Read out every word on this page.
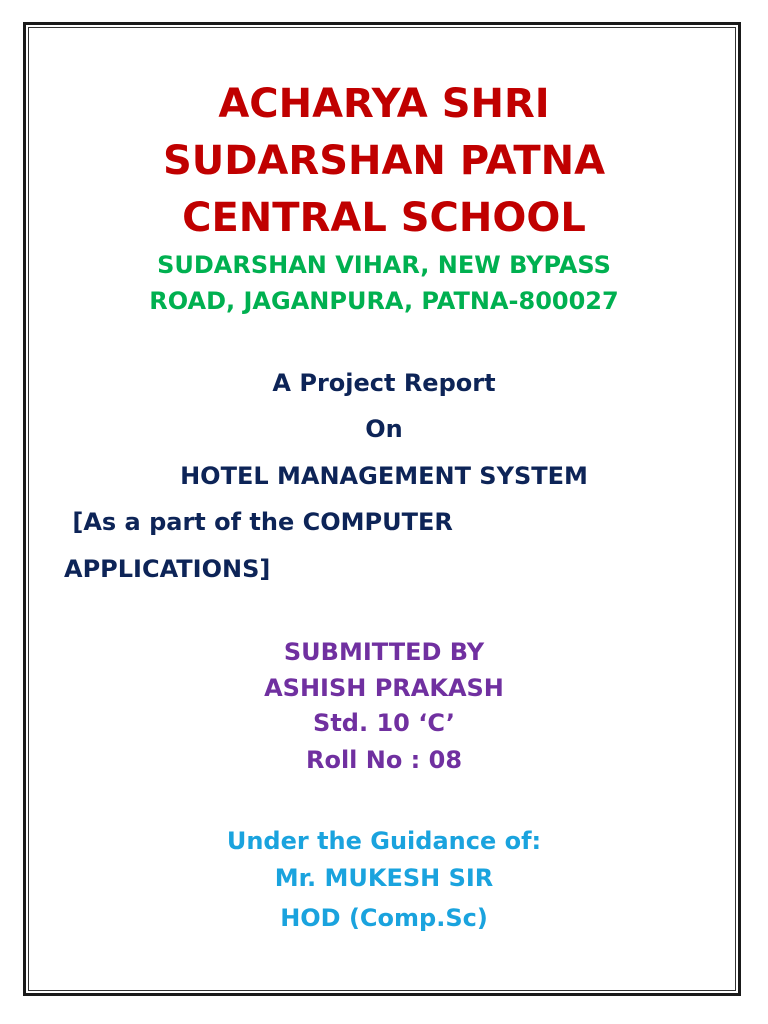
ACHARYA SHRI

SUDARSHAN PATNA

CENTRAL SCHOOL

SUDARSHAN VIHAR, NEW BYPASS

ROAD, JAGANPURA, PATNA-800027

A Project Report

On

HOTEL MANAGEMENT SYSTEM

[As a part of the COMPUTER

APPLICATIONS]

SUBMITTED BY

ASHISH PRAKASH

Std. 10 ‘C’

Roll No : 08

Under the Guidance of:

Mr. MUKESH SIR

HOD (Comp.Sc)
